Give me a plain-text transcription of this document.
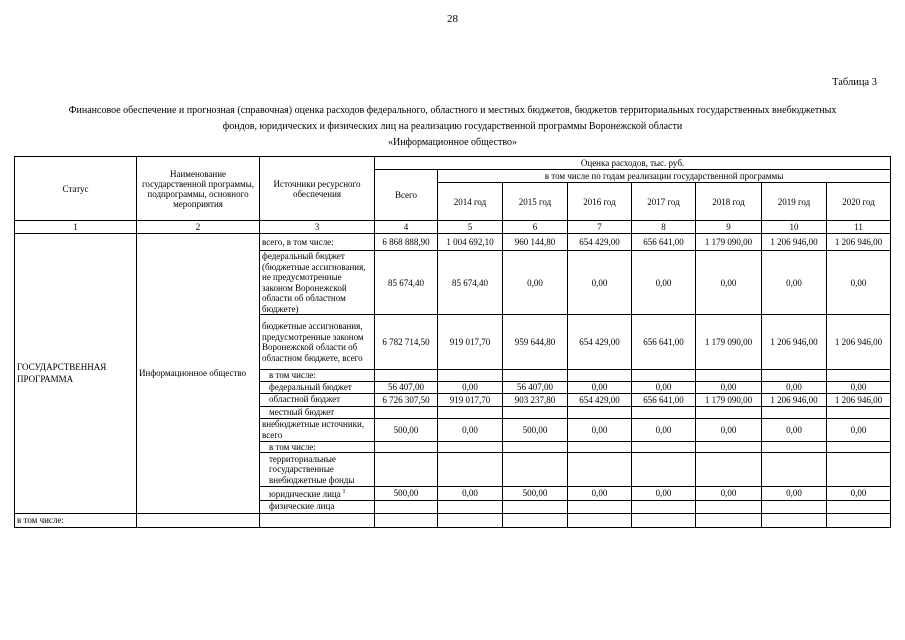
28
Таблица 3
Финансовое обеспечение и прогнозная (справочная) оценка расходов федерального, областного и местных бюджетов, бюджетов территориальных государственных внебюджетных
фондов, юридических и физических лиц на реализацию государственной программы Воронежской области
«Информационное общество»
Статус	Наименование государственной программы, подпрограммы, основного мероприятия	Источники ресурсного обеспечения	Оценка расходов, тыс. руб.							
			Всего	в том числе по годам реализации государственной программы						
				2014 год	2015 год	2016 год	2017 год	2018 год	2019 год	2020 год
1	2	3	4	5	6	7	8	9	10	11
ГОСУДАРСТВЕННАЯ ПРОГРАММА	Информационное общество	всего, в том числе:	6 868 888,90	1 004 692,10	960 144,80	654 429,00	656 641,00	1 179 090,00	1 206 946,00	1 206 946,00
		федеральный бюджет (бюджетные ассигнования, не предусмотренные законом Воронежской области об областном бюджете)	85 674,40	85 674,40	0,00	0,00	0,00	0,00	0,00	0,00
		бюджетные ассигнования, предусмотренные законом Воронежской области об областном бюджете, всего	6 782 714,50	919 017,70	959 644,80	654 429,00	656 641,00	1 179 090,00	1 206 946,00	1 206 946,00
		в том числе:								
		федеральный бюджет	56 407,00	0,00	56 407,00	0,00	0,00	0,00	0,00	0,00
		областной бюджет	6 726 307,50	919 017,70	903 237,80	654 429,00	656 641,00	1 179 090,00	1 206 946,00	1 206 946,00
		местный бюджет								
		внебюджетные источники, всего	500,00	0,00	500,00	0,00	0,00	0,00	0,00	0,00
		в том числе:								
		территориальные государственные внебюджетные фонды								
		юридические лица $^1$	500,00	0,00	500,00	0,00	0,00	0,00	0,00	0,00
		физические лица								
в том числе:										
